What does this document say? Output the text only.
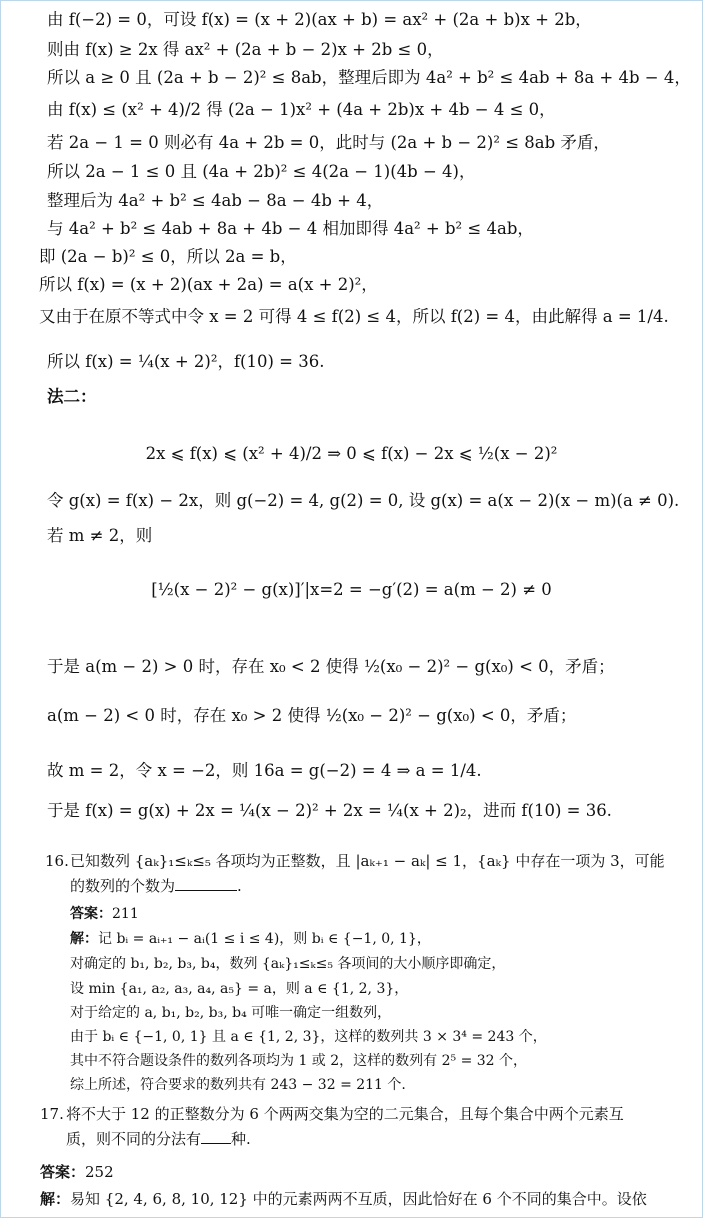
由 f(−2) = 0，可设 f(x) = (x + 2)(ax + b) = ax² + (2a + b)x + 2b，
则由 f(x) ≥ 2x 得 ax² + (2a + b − 2)x + 2b ≤ 0，
所以 a ≥ 0 且 (2a + b − 2)² ≤ 8ab，整理后即为 4a² + b² ≤ 4ab + 8a + 4b − 4，
由 f(x) ≤ (x² + 4)/2 得 (2a − 1)x² + (4a + 2b)x + 4b − 4 ≤ 0，
若 2a − 1 = 0 则必有 4a + 2b = 0，此时与 (2a + b − 2)² ≤ 8ab 矛盾，
所以 2a − 1 ≤ 0 且 (4a + 2b)² ≤ 4(2a − 1)(4b − 4)，
整理后为 4a² + b² ≤ 4ab − 8a − 4b + 4，
与 4a² + b² ≤ 4ab + 8a + 4b − 4 相加即得 4a² + b² ≤ 4ab，
即 (2a − b)² ≤ 0，所以 2a = b，
所以 f(x) = (x + 2)(ax + 2a) = a(x + 2)²，
又由于在原不等式中令 x = 2 可得 4 ≤ f(2) ≤ 4，所以 f(2) = 4，由此解得 a = 1/4.
所以 f(x) = ¼(x + 2)²，f(10) = 36.
法二：
2x ⩽ f(x) ⩽ (x² + 4)/2 ⇒ 0 ⩽ f(x) − 2x ⩽ ½(x − 2)²
令 g(x) = f(x) − 2x，则 g(−2) = 4, g(2) = 0, 设 g(x) = a(x − 2)(x − m)(a ≠ 0).
若 m ≠ 2，则
[½(x − 2)² − g(x)]′|x=2 = −g′(2) = a(m − 2) ≠ 0
于是 a(m − 2) > 0 时，存在 x₀ < 2 使得 ½(x₀ − 2)² − g(x₀) < 0，矛盾；
a(m − 2) < 0 时，存在 x₀ > 2 使得 ½(x₀ − 2)² − g(x₀) < 0，矛盾；
故 m = 2，令 x = −2，则 16a = g(−2) = 4 ⇒ a = 1/4.
于是 f(x) = g(x) + 2x = ¼(x − 2)² + 2x = ¼(x + 2)₂，进而 f(10) = 36.
16. 已知数列 {aₖ}₁≤ₖ≤₅ 各项均为正整数，且 |aₖ₊₁ − aₖ| ≤ 1，{aₖ} 中存在一项为 3，可能
的数列的个数为	.
答案：211
解：记 bᵢ = aᵢ₊₁ − aᵢ(1 ≤ i ≤ 4)，则 bᵢ ∈ {−1, 0, 1}，
对确定的 b₁, b₂, b₃, b₄，数列 {aₖ}₁≤ₖ≤₅ 各项间的大小顺序即确定，
设 min {a₁, a₂, a₃, a₄, a₅} = a，则 a ∈ {1, 2, 3}，
对于给定的 a, b₁, b₂, b₃, b₄ 可唯一确定一组数列，
由于 bᵢ ∈ {−1, 0, 1} 且 a ∈ {1, 2, 3}，这样的数列共 3 × 3⁴ = 243 个，
其中不符合题设条件的数列各项均为 1 或 2，这样的数列有 2⁵ = 32 个，
综上所述，符合要求的数列共有 243 − 32 = 211 个.
17. 将不大于 12 的正整数分为 6 个两两交集为空的二元集合，且每个集合中两个元素互
质，则不同的分法有 种.
答案：252
解：易知 {2, 4, 6, 8, 10, 12} 中的元素两两不互质，因此恰好在 6 个不同的集合中。设依
